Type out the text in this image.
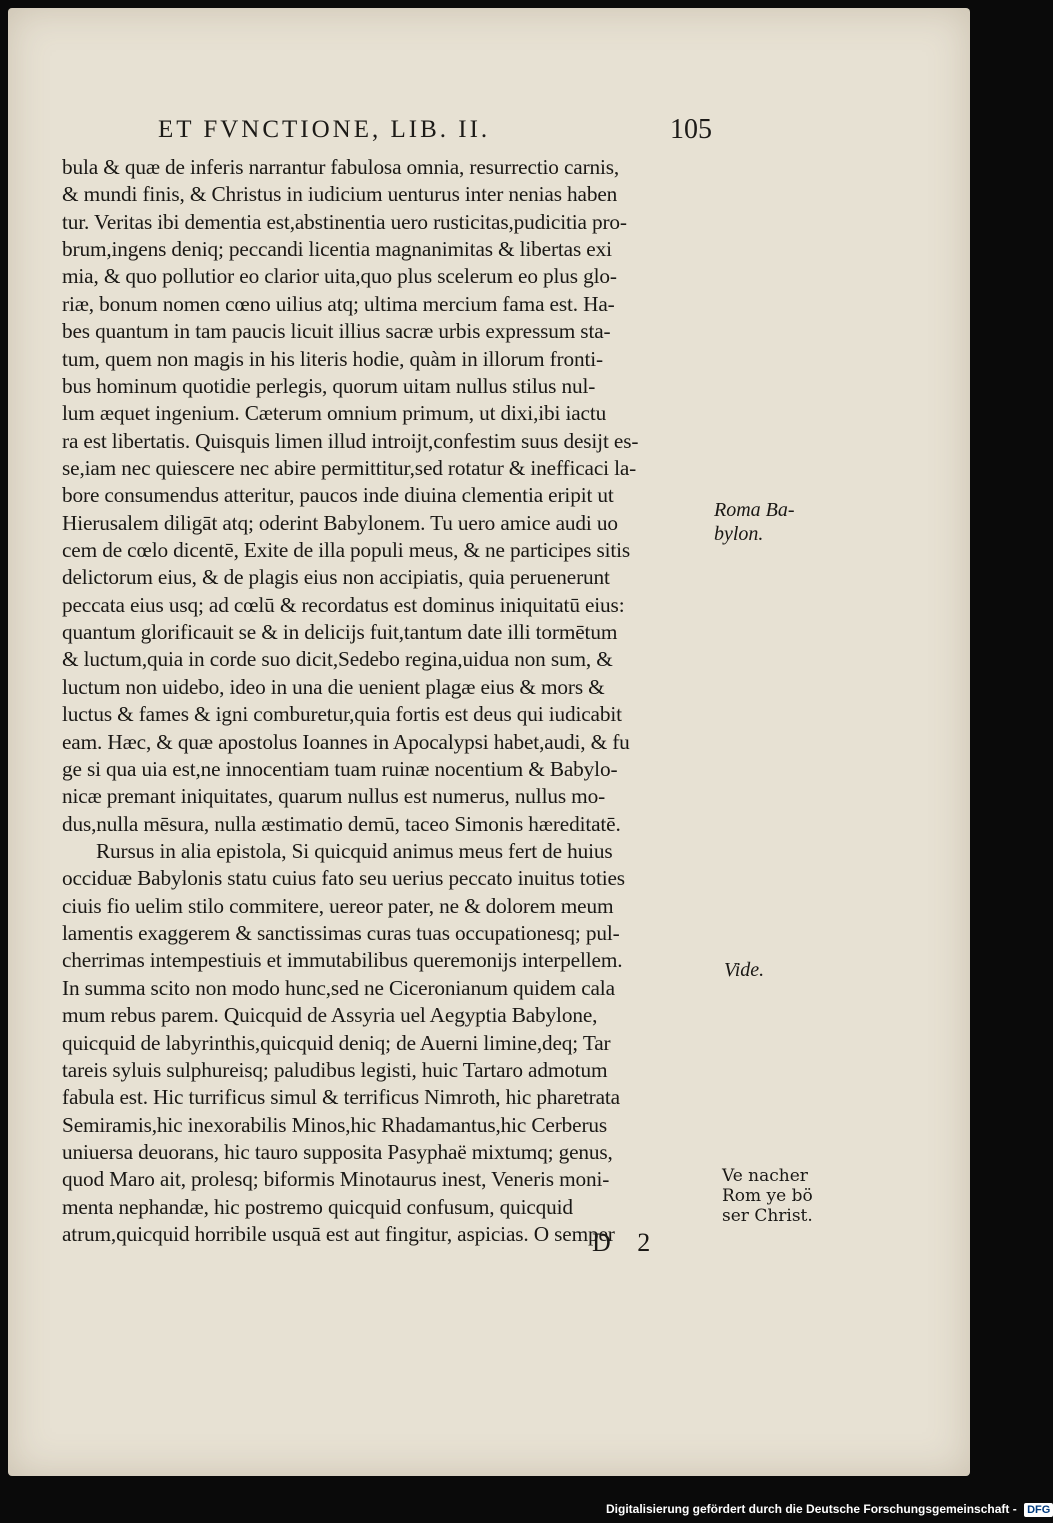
ET FVNCTIONE, LIB. II.	105
bula & quæ de inferis narrantur fabulosa omnia, resurrectio carnis,
& mundi finis, & Christus in iudicium uenturus inter nenias haben
tur. Veritas ibi dementia est,abstinentia uero rusticitas,pudicitia pro-
brum,ingens deniq; peccandi licentia magnanimitas & libertas exi
mia, & quo pollutior eo clarior uita,quo plus scelerum eo plus glo-
riæ, bonum nomen cœno uilius atq; ultima mercium fama est. Ha-
bes quantum in tam paucis licuit illius sacræ urbis expressum sta-
tum, quem non magis in his literis hodie, quàm in illorum fronti-
bus hominum quotidie perlegis, quorum uitam nullus stilus nul-
lum æquet ingenium. Cæterum omnium primum, ut dixi,ibi iactu
ra est libertatis. Quisquis limen illud introijt,confestim suus desijt es-
se,iam nec quiescere nec abire permittitur,sed rotatur & inefficaci la-
bore consumendus atteritur, paucos inde diuina clementia eripit ut
Hierusalem diligāt atq; oderint Babylonem. Tu uero amice audi uo
cem de cœlo dicentē, Exite de illa populi meus, & ne participes sitis
delictorum eius, & de plagis eius non accipiatis, quia peruenerunt
peccata eius usq; ad cœlū & recordatus est dominus iniquitatū eius:
quantum glorificauit se & in delicijs fuit,tantum date illi tormētum
& luctum,quia in corde suo dicit,Sedebo regina,uidua non sum, &
luctum non uidebo, ideo in una die uenient plagæ eius & mors &
luctus & fames & igni comburetur,quia fortis est deus qui iudicabit
eam. Hæc, & quæ apostolus Ioannes in Apocalypsi habet,audi, & fu
ge si qua uia est,ne innocentiam tuam ruinæ nocentium & Babylo-
nicæ premant iniquitates, quarum nullus est numerus, nullus mo-
dus,nulla mēsura, nulla æstimatio demū, taceo Simonis hæreditatē.
Rursus in alia epistola, Si quicquid animus meus fert de huius
occiduæ Babylonis statu cuius fato seu uerius peccato inuitus toties
ciuis fio uelim stilo commitere, uereor pater, ne & dolorem meum
lamentis exaggerem & sanctissimas curas tuas occupationesq; pul-
cherrimas intempestiuis et immutabilibus queremonijs interpellem.
In summa scito non modo hunc,sed ne Ciceronianum quidem cala
mum rebus parem. Quicquid de Assyria uel Aegyptia Babylone,
quicquid de labyrinthis,quicquid deniq; de Auerni limine,deq; Tar
tareis syluis sulphureisq; paludibus legisti, huic Tartaro admotum
fabula est. Hic turrificus simul & terrificus Nimroth, hic pharetrata
Semiramis,hic inexorabilis Minos,hic Rhadamantus,hic Cerberus
uniuersa deuorans, hic tauro supposita Pasyphaë mixtumq; genus,
quod Maro ait, prolesq; biformis Minotaurus inest, Veneris moni-
menta nephandæ, hic postremo quicquid confusum, quicquid
atrum,quicquid horribile usquā est aut fingitur, aspicias. O semper
Roma Ba-
bylon.
Vide.
Ve nacher
Rom ye bö
ser Christ.
D 2
Digitalisierung gefördert durch die Deutsche Forschungsgemeinschaft - DFG
